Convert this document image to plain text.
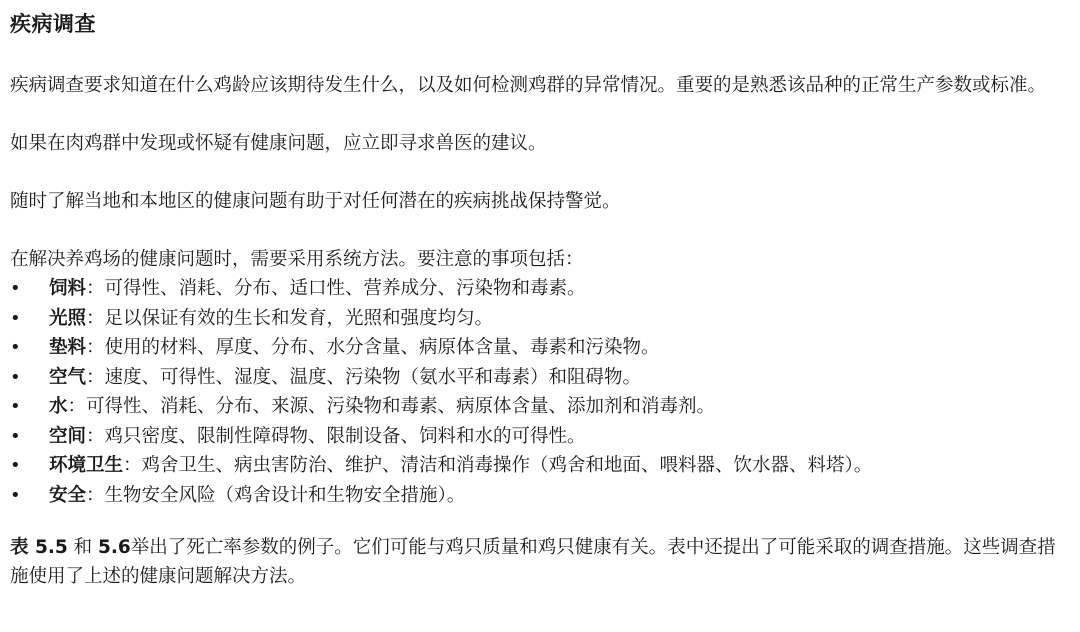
疾病调查

疾病调查要求知道在什么鸡龄应该期待发生什么，以及如何检测鸡群的异常情况。重要的是熟悉该品种的正常生产参数或标准。

如果在肉鸡群中发现或怀疑有健康问题，应立即寻求兽医的建议。

随时了解当地和本地区的健康问题有助于对任何潜在的疾病挑战保持警觉。

在解决养鸡场的健康问题时，需要采用系统方法。要注意的事项包括：

•	饲料：可得性、消耗、分布、适口性、营养成分、污染物和毒素。
•	光照：足以保证有效的生长和发育，光照和强度均匀。
•	垫料：使用的材料、厚度、分布、水分含量、病原体含量、毒素和污染物。
•	空气：速度、可得性、湿度、温度、污染物（氨水平和毒素）和阻碍物。
•	水：可得性、消耗、分布、来源、污染物和毒素、病原体含量、添加剂和消毒剂。
•	空间：鸡只密度、限制性障碍物、限制设备、饲料和水的可得性。
•	环境卫生：鸡舍卫生、病虫害防治、维护、清洁和消毒操作（鸡舍和地面、喂料器、饮水器、料塔）。
•	安全：生物安全风险（鸡舍设计和生物安全措施）。

表 5.5 和 5.6举出了死亡率参数的例子。它们可能与鸡只质量和鸡只健康有关。表中还提出了可能采取的调查措施。这些调查措施使用了上述的健康问题解决方法。
